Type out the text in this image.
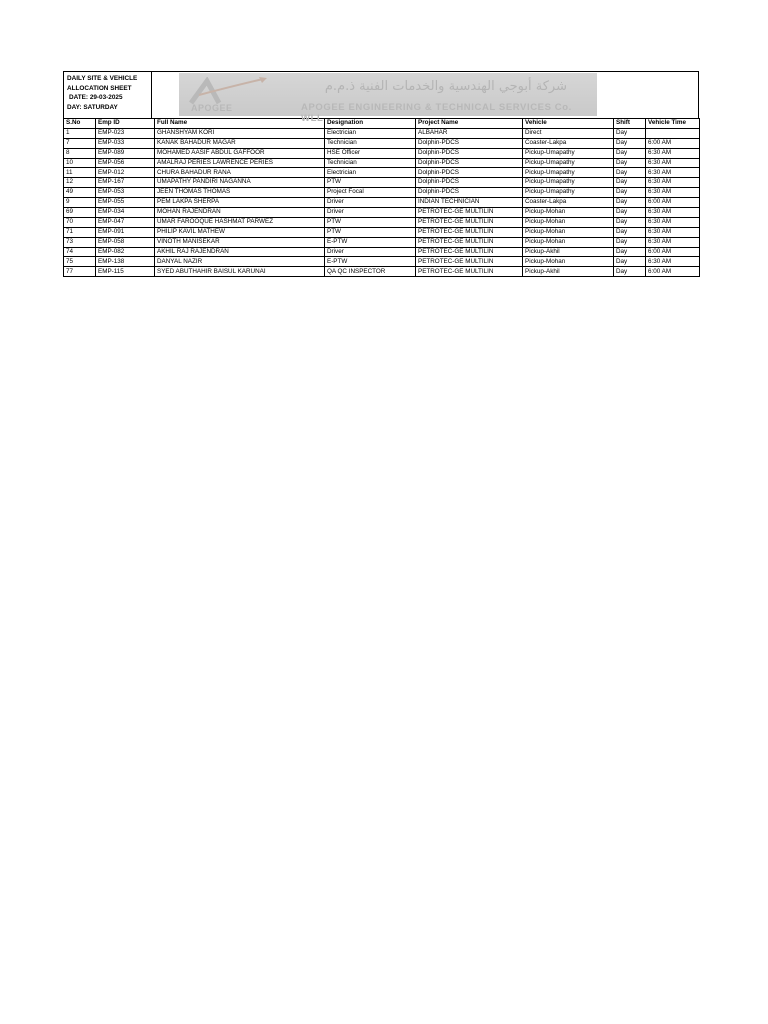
DAILY SITE & VEHICLE
ALLOCATION SHEET
DATE: 29-03-2025
DAY: SATURDAY	APOGEE
شركة أبوجي الهندسية والخدمات الفنية ذ.م.م
APOGEE ENGINEERING & TECHNICAL SERVICES Co. WLL
S.No	Emp ID	Full Name	Designation	Project Name	Vehicle	Shift	Vehicle Time
1	EMP-023	GHANSHYAM KORI	Electrician	ALBAHAR	Direct	Day	
7	EMP-033	KANAK BAHADUR MAGAR	Technician	Dolphin-PDCS	Coaster-Lakpa	Day	6:00 AM
8	EMP-089	MOHAMED AASIF ABDUL GAFFOOR	HSE Officer	Dolphin-PDCS	Pickup-Umapathy	Day	6:30 AM
10	EMP-056	AMALRAJ PERIES LAWRENCE PERIES	Technician	Dolphin-PDCS	Pickup-Umapathy	Day	6:30 AM
11	EMP-012	CHURA BAHADUR RANA	Electrician	Dolphin-PDCS	Pickup-Umapathy	Day	6:30 AM
12	EMP-167	UMAPATHY PANDIRI NAGANNA	PTW	Dolphin-PDCS	Pickup-Umapathy	Day	6:30 AM
49	EMP-053	JEEN THOMAS THOMAS	Project Focal	Dolphin-PDCS	Pickup-Umapathy	Day	6:30 AM
9	EMP-055	PEM LAKPA SHERPA	Driver	INDIAN TECHNICIAN	Coaster-Lakpa	Day	6:00 AM
69	EMP-034	MOHAN RAJENDRAN	Driver	PETROTEC-GE MULTILIN	Pickup-Mohan	Day	6:30 AM
70	EMP-047	UMAR FAROOQUE HASHMAT PARWEZ	PTW	PETROTEC-GE MULTILIN	Pickup-Mohan	Day	6:30 AM
71	EMP-091	PHILIP KAVIL MATHEW	PTW	PETROTEC-GE MULTILIN	Pickup-Mohan	Day	6:30 AM
73	EMP-058	VINOTH MANISEKAR	E-PTW	PETROTEC-GE MULTILIN	Pickup-Mohan	Day	6:30 AM
74	EMP-082	AKHIL RAJ RAJENDRAN	Driver	PETROTEC-GE MULTILIN	Pickup-Akhil	Day	6:00 AM
75	EMP-138	DANYAL NAZIR	E-PTW	PETROTEC-GE MULTILIN	Pickup-Mohan	Day	6:30 AM
77	EMP-115	SYED ABUTHAHIR BAISUL KARUNAI	QA QC INSPECTOR	PETROTEC-GE MULTILIN	Pickup-Akhil	Day	6:00 AM
